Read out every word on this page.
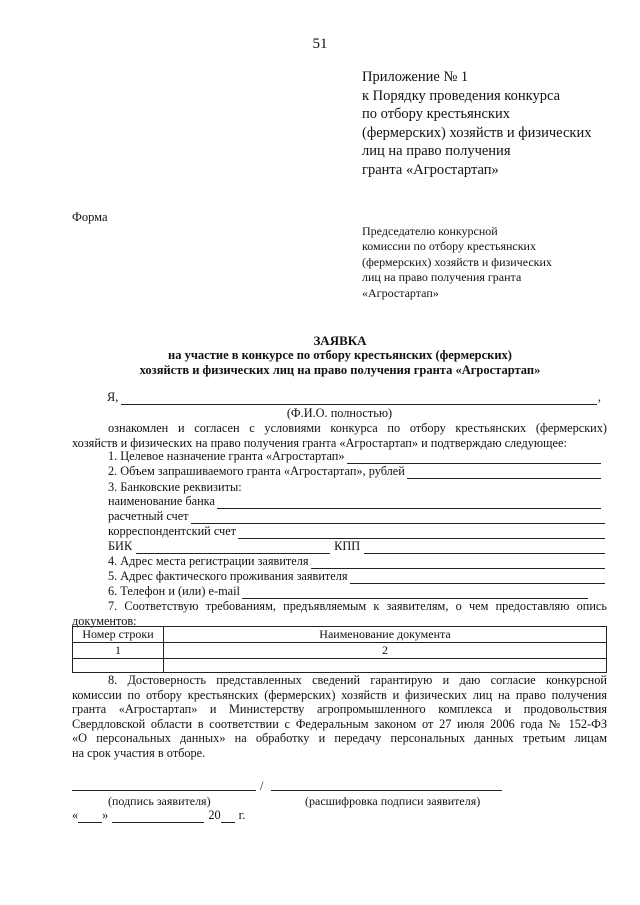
51
Приложение № 1
к Порядку проведения конкурса
по отбору крестьянских
(фермерских) хозяйств и физических
лиц на право получения
гранта «Агростартап»
Форма
Председателю конкурсной
комиссии по отбору крестьянских
(фермерских) хозяйств и физических
лиц на право получения гранта
«Агростартап»
ЗАЯВКА
на участие в конкурсе по отбору крестьянских (фермерских)
хозяйств и физических лиц на право получения гранта «Агростартап»
Я,	,
(Ф.И.О. полностью)
ознакомлен и согласен с условиями конкурса по отбору крестьянских (фермерских)
хозяйств и физических на право получения гранта «Агростартап» и подтверждаю следующее:
1. Целевое назначение гранта «Агростартап»
2. Объем запрашиваемого гранта «Агростартап», рублей
3. Банковские реквизиты:
наименование банка
расчетный счет
корреспондентский счет
БИК	КПП
4. Адрес места регистрации заявителя
5. Адрес фактического проживания заявителя
6. Телефон и (или) e-mail
7. Соответствую требованиям, предъявляемым к заявителям, о чем предоставляю опись
документов:
Номер строки	Наименование документа
1	2

8. Достоверность представленных сведений гарантирую и даю согласие конкурсной
комиссии по отбору крестьянских (фермерских) хозяйств и физических лиц на право получения
гранта «Агростартап» и Министерству агропромышленного комплекса и продовольствия
Свердловской области в соответствии с Федеральным законом от 27 июля 2006 года № 152-ФЗ
«О персональных данных» на обработку и передачу персональных данных третьим лицам
на срок участия в отборе.
/
(подпись заявителя)	(расшифровка подписи заявителя)
« »	20 г.
